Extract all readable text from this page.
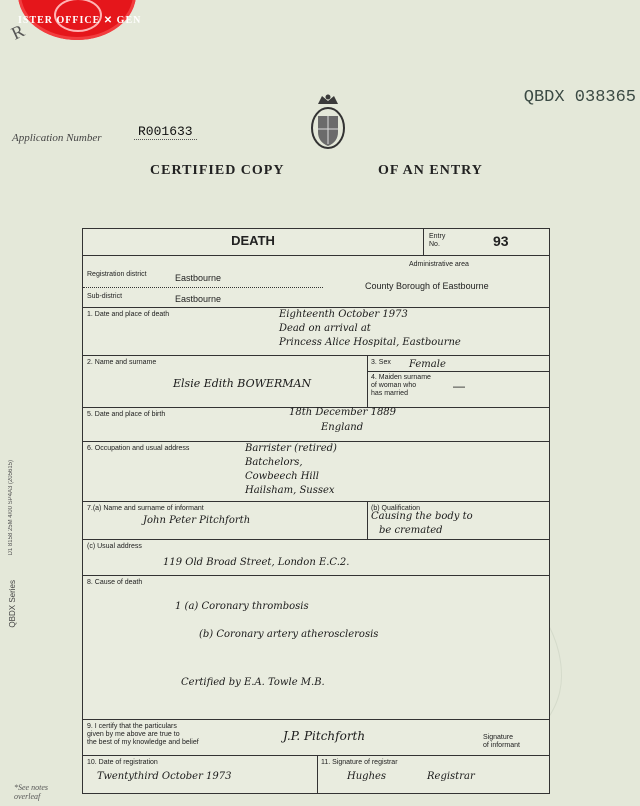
ISTER OFFICE ✕ GEN
R
QBDX 038365
Application Number	R001633
CERTIFIED COPY	OF AN ENTRY
D1 8158 25M 4/00 SP4A3 (205615)
QBDX Series
*See notes
overleaf
DEATH	Entry
No.	93
Administrative area
Registration district	Eastbourne
County Borough of Eastbourne
Sub-district	Eastbourne
1. Date and place of death	Eighteenth October 1973
Dead on arrival at
Princess Alice Hospital, Eastbourne
2. Name and surname
Elsie Edith BOWERMAN
3. Sex Female
4. Maiden surname
of woman who
has married
—
5. Date and place of birth	18th December 1889
England
6. Occupation and usual address	Barrister (retired)
Batchelors,
Cowbeech Hill
Hailsham, Sussex
7.(a) Name and surname of informant
John Peter Pitchforth
(b) Qualification
Causing the body to
be cremated
(c) Usual address
119 Old Broad Street, London E.C.2.
8. Cause of death
1 (a) Coronary thrombosis
(b) Coronary artery atherosclerosis
Certified by E.A. Towle M.B.
9. I certify that the particulars
given by me above are true to
the best of my knowledge and belief	J.P. Pitchforth	Signature
of informant
10. Date of registration
Twentythird October 1973
11. Signature of registrar
Hughes	Registrar
